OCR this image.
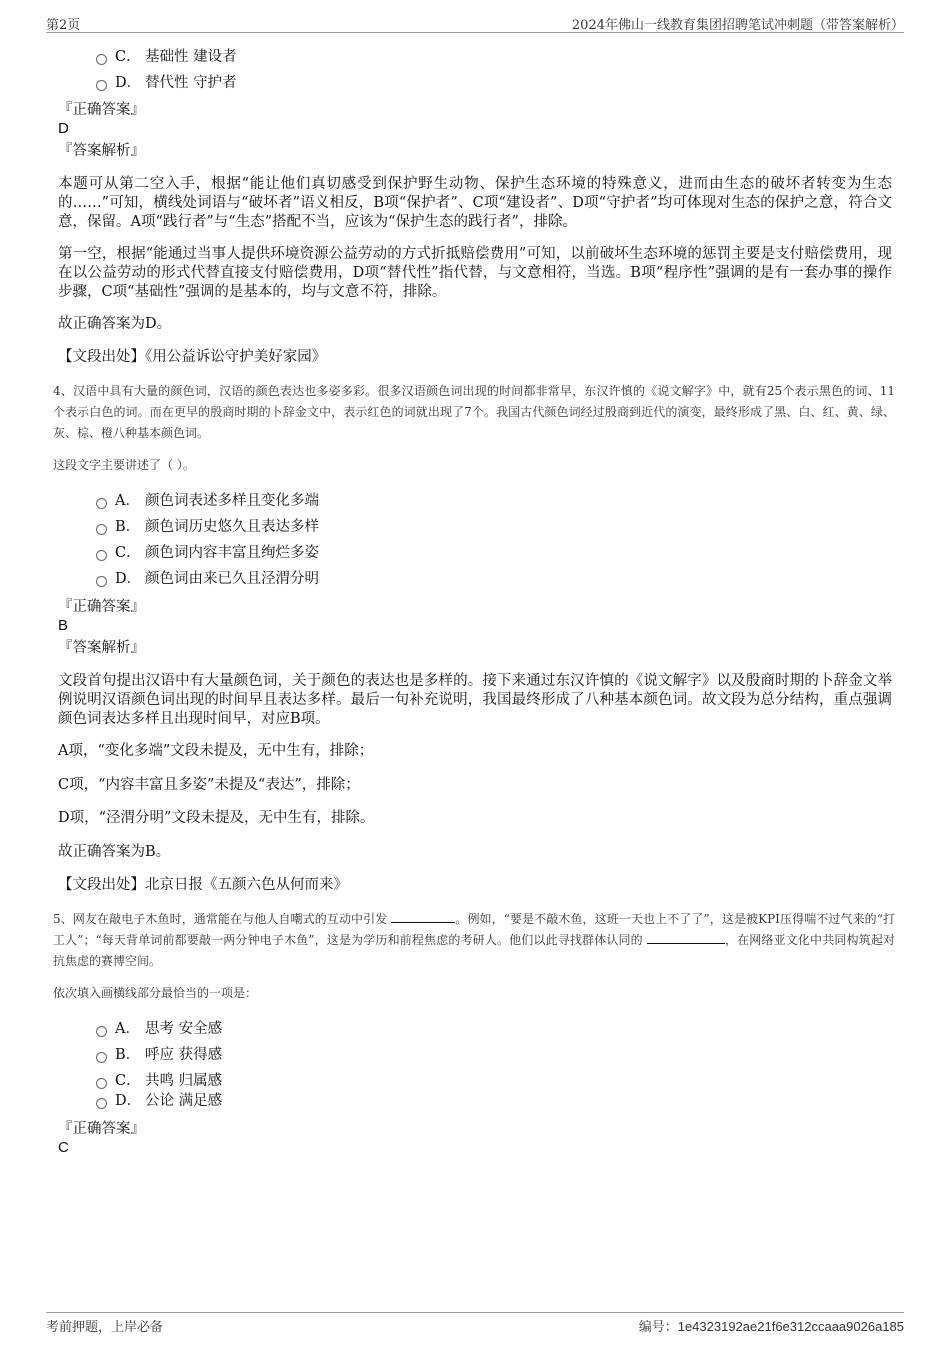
第2页	2024年佛山一线教育集团招聘笔试冲刺题（带答案解析）
C． 基础性 建设者
D． 替代性 守护者
『正确答案』
D
『答案解析』
本题可从第二空入手，根据“能让他们真切感受到保护野生动物、保护生态环境的特殊意义，进而由生态的破坏者转变为生态的……”可知，横线处词语与“破坏者”语义相反，B项“保护者”、C项“建设者”、D项“守护者”均可体现对生态的保护之意，符合文意，保留。A项“践行者”与“生态”搭配不当，应该为“保护生态的践行者”，排除。
第一空，根据“能通过当事人提供环境资源公益劳动的方式折抵赔偿费用”可知，以前破坏生态环境的惩罚主要是支付赔偿费用，现在以公益劳动的形式代替直接支付赔偿费用，D项“替代性”指代替，与文意相符，当选。B项“程序性”强调的是有一套办事的操作步骤，C项“基础性”强调的是基本的，均与文意不符，排除。
故正确答案为D。
【文段出处】《用公益诉讼守护美好家园》
4、汉语中具有大量的颜色词，汉语的颜色表达也多姿多彩。很多汉语颜色词出现的时间都非常早，东汉许慎的《说文解字》中，就有25个表示黑色的词、11个表示白色的词。而在更早的殷商时期的卜辞金文中，表示红色的词就出现了7个。我国古代颜色词经过殷商到近代的演变，最终形成了黑、白、红、黄、绿、灰、棕、橙八种基本颜色词。
这段文字主要讲述了（ ）。
A． 颜色词表述多样且变化多端
B． 颜色词历史悠久且表达多样
C． 颜色词内容丰富且绚烂多姿
D． 颜色词由来已久且泾渭分明
『正确答案』
B
『答案解析』
文段首句提出汉语中有大量颜色词，关于颜色的表达也是多样的。接下来通过东汉许慎的《说文解字》以及殷商时期的卜辞金文举例说明汉语颜色词出现的时间早且表达多样。最后一句补充说明，我国最终形成了八种基本颜色词。故文段为总分结构，重点强调颜色词表达多样且出现时间早，对应B项。
A项，“变化多端”文段未提及，无中生有，排除；
C项，“内容丰富且多姿”未提及“表达”，排除；
D项，“泾渭分明”文段未提及，无中生有，排除。
故正确答案为B。
【文段出处】北京日报《五颜六色从何而来》
5、网友在敲电子木鱼时，通常能在与他人自嘲式的互动中引发	。例如，“要是不敲木鱼，这班一天也上不了了”，这是被KPI压得喘不过气来的“打工人”；“每天背单词前都要敲一两分钟电子木鱼”，这是为学历和前程焦虑的考研人。他们以此寻找群体认同的	，在网络亚文化中共同构筑起对抗焦虑的赛博空间。
依次填入画横线部分最恰当的一项是：
A． 思考 安全感
B． 呼应 获得感
C． 共鸣 归属感
D． 公论 满足感
『正确答案』
C
考前押题，上岸必备	编号：1e4323192ae21f6e312ccaaa9026a185
